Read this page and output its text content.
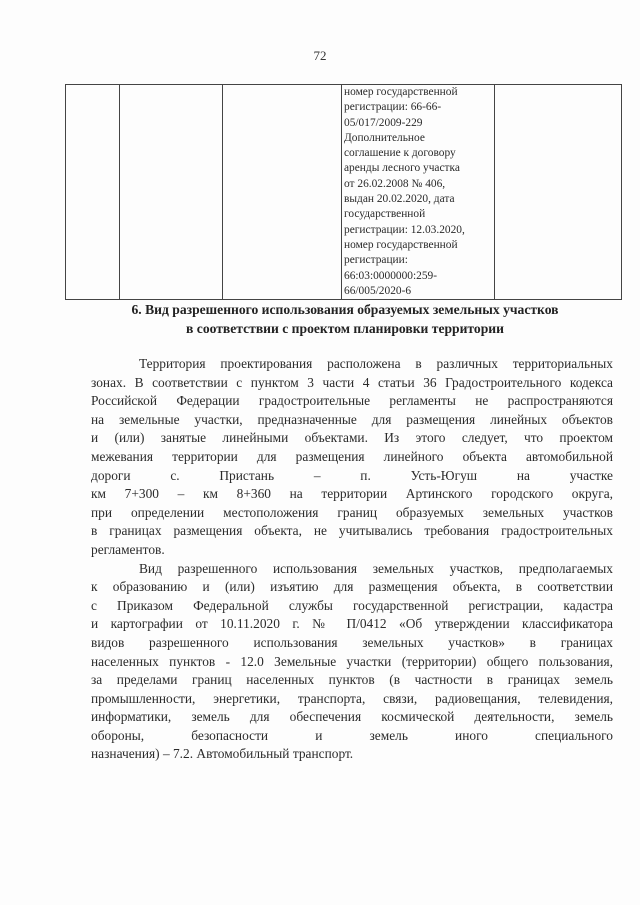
72

номер государственной
регистрации: 66-66-
05/017/2009-229
Дополнительное
соглашение к договору
аренды лесного участка
от 26.02.2008 № 406,
выдан 20.02.2020, дата
государственной
регистрации: 12.03.2020,
номер государственной
регистрации:
66:03:0000000:259-
66/005/2020-6

6. Вид разрешенного использования образуемых земельных участков
в соответствии с проектом планировки территории

Территория проектирования расположена в различных территориальных
зонах. В соответствии с пунктом 3 части 4 статьи 36 Градостроительного кодекса
Российской Федерации градостроительные регламенты не распространяются
на земельные участки, предназначенные для размещения линейных объектов
и (или) занятые линейными объектами. Из этого следует, что проектом
межевания территории для размещения линейного объекта автомобильной
дороги с. Пристань – п. Усть-Югуш на участке
км 7+300 – км 8+360 на территории Артинского городского округа,
при определении местоположения границ образуемых земельных участков
в границах размещения объекта, не учитывались требования градостроительных
регламентов.

Вид разрешенного использования земельных участков, предполагаемых
к образованию и (или) изъятию для размещения объекта, в соответствии
с Приказом Федеральной службы государственной регистрации, кадастра
и картографии от 10.11.2020 г. № П/0412 «Об утверждении классификатора
видов разрешенного использования земельных участков» в границах
населенных пунктов - 12.0 Земельные участки (территории) общего пользования,
за пределами границ населенных пунктов (в частности в границах земель
промышленности, энергетики, транспорта, связи, радиовещания, телевидения,
информатики, земель для обеспечения космической деятельности, земель
обороны, безопасности и земель иного специального
назначения) – 7.2. Автомобильный транспорт.
